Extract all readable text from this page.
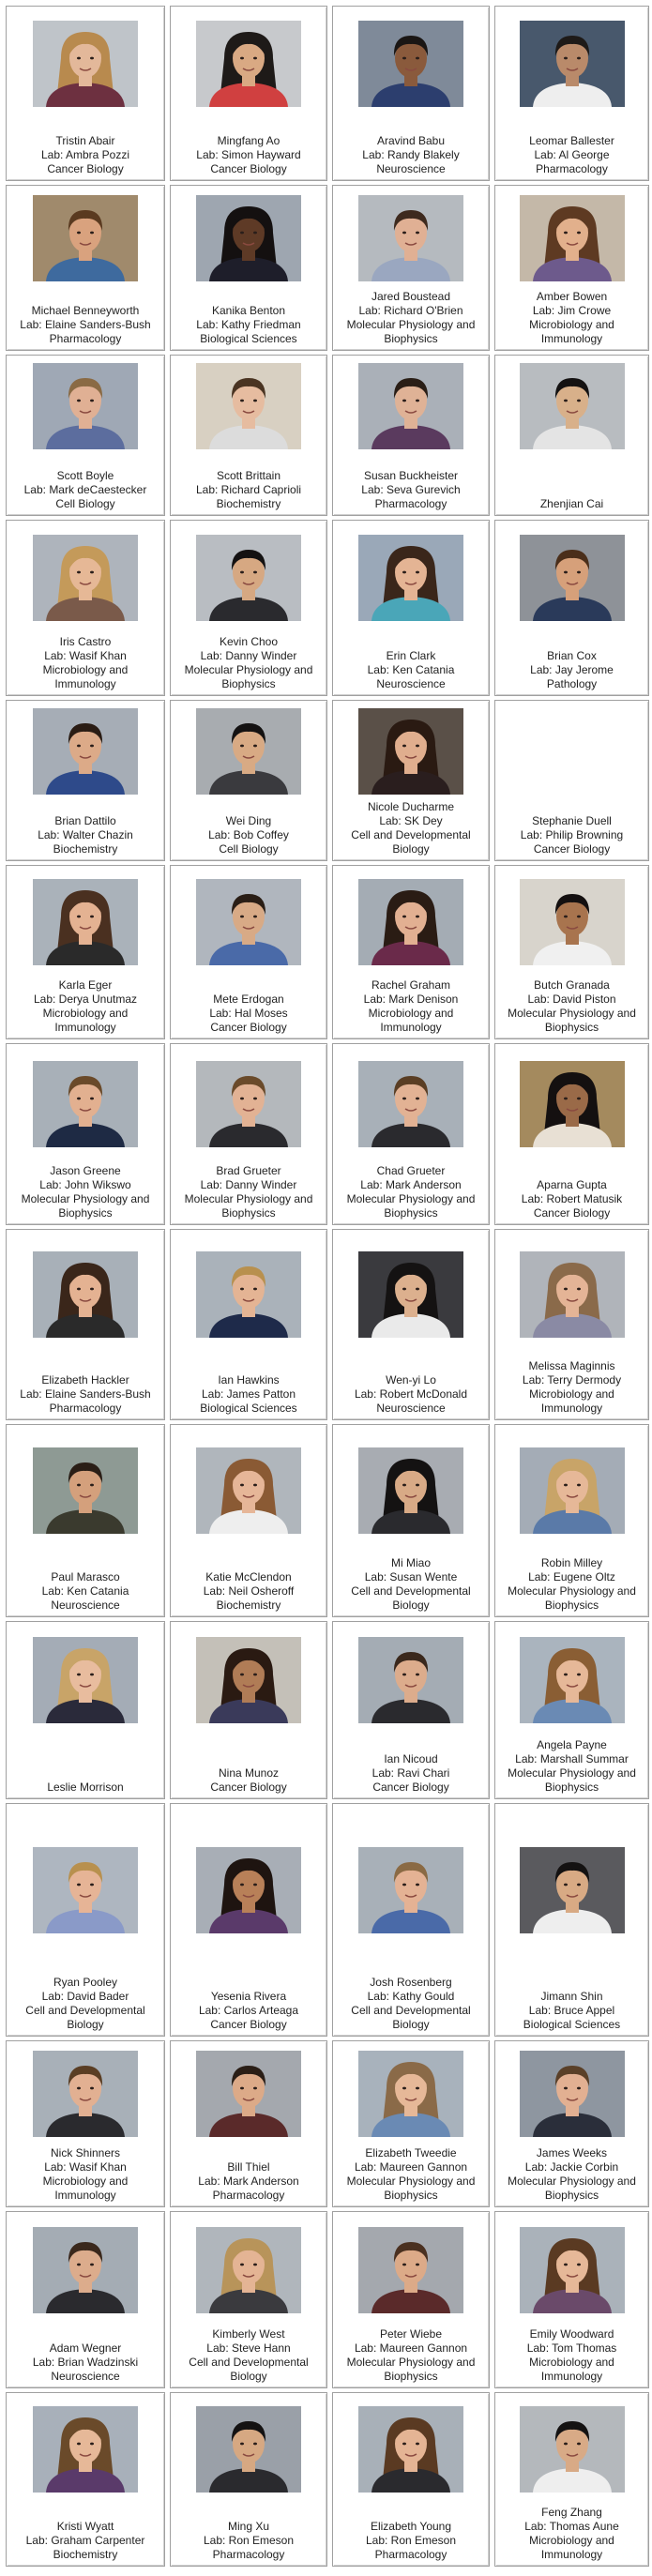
Tristin Abair
Lab: Ambra Pozzi
Cancer Biology
Mingfang Ao
Lab: Simon Hayward
Cancer Biology
Aravind Babu
Lab: Randy Blakely
Neuroscience
Leomar Ballester
Lab: Al George
Pharmacology
Michael Benneyworth
Lab: Elaine Sanders-Bush
Pharmacology
Kanika Benton
Lab: Kathy Friedman
Biological Sciences
Jared Boustead
Lab: Richard O'Brien
Molecular Physiology and
Biophysics
Amber Bowen
Lab: Jim Crowe
Microbiology and
Immunology
Scott Boyle
Lab: Mark deCaestecker
Cell Biology
Scott Brittain
Lab: Richard Caprioli
Biochemistry
Susan Buckheister
Lab: Seva Gurevich
Pharmacology	Zhenjian Cai
Iris Castro
Lab: Wasif Khan
Microbiology and
Immunology
Kevin Choo
Lab: Danny Winder
Molecular Physiology and
Biophysics
Erin Clark
Lab: Ken Catania
Neuroscience
Brian Cox
Lab: Jay Jerome
Pathology
Brian Dattilo
Lab: Walter Chazin
Biochemistry
Wei Ding
Lab: Bob Coffey
Cell Biology
Nicole Ducharme
Lab: SK Dey
Cell and Developmental
Biology
Stephanie Duell
Lab: Philip Browning
Cancer Biology
Karla Eger
Lab: Derya Unutmaz
Microbiology and
Immunology
Mete Erdogan
Lab: Hal Moses
Cancer Biology
Rachel Graham
Lab: Mark Denison
Microbiology and
Immunology
Butch Granada
Lab: David Piston
Molecular Physiology and
Biophysics
Jason Greene
Lab: John Wikswo
Molecular Physiology and
Biophysics
Brad Grueter
Lab: Danny Winder
Molecular Physiology and
Biophysics
Chad Grueter
Lab: Mark Anderson
Molecular Physiology and
Biophysics
Aparna Gupta
Lab: Robert Matusik
Cancer Biology
Elizabeth Hackler
Lab: Elaine Sanders-Bush
Pharmacology
Ian Hawkins
Lab: James Patton
Biological Sciences
Wen-yi Lo
Lab: Robert McDonald
Neuroscience
Melissa Maginnis
Lab: Terry Dermody
Microbiology and
Immunology
Paul Marasco
Lab: Ken Catania
Neuroscience
Katie McClendon
Lab: Neil Osheroff
Biochemistry
Mi Miao
Lab: Susan Wente
Cell and Developmental
Biology
Robin Milley
Lab: Eugene Oltz
Molecular Physiology and
Biophysics
Leslie Morrison
Nina Munoz
Cancer Biology
Ian Nicoud
Lab: Ravi Chari
Cancer Biology
Angela Payne
Lab: Marshall Summar
Molecular Physiology and
Biophysics
Ryan Pooley
Lab: David Bader
Cell and Developmental
Biology
Yesenia Rivera
Lab: Carlos Arteaga
Cancer Biology
Josh Rosenberg
Lab: Kathy Gould
Cell and Developmental
Biology
Jimann Shin
Lab: Bruce Appel
Biological Sciences
Nick Shinners
Lab: Wasif Khan
Microbiology and
Immunology
Bill Thiel
Lab: Mark Anderson
Pharmacology
Elizabeth Tweedie
Lab: Maureen Gannon
Molecular Physiology and
Biophysics
James Weeks
Lab: Jackie Corbin
Molecular Physiology and
Biophysics
Adam Wegner
Lab: Brian Wadzinski
Neuroscience
Kimberly West
Lab: Steve Hann
Cell and Developmental
Biology
Peter Wiebe
Lab: Maureen Gannon
Molecular Physiology and
Biophysics
Emily Woodward
Lab: Tom Thomas
Microbiology and
Immunology
Kristi Wyatt
Lab: Graham Carpenter
Biochemistry
Ming Xu
Lab: Ron Emeson
Pharmacology
Elizabeth Young
Lab: Ron Emeson
Pharmacology
Feng Zhang
Lab: Thomas Aune
Microbiology and
Immunology
